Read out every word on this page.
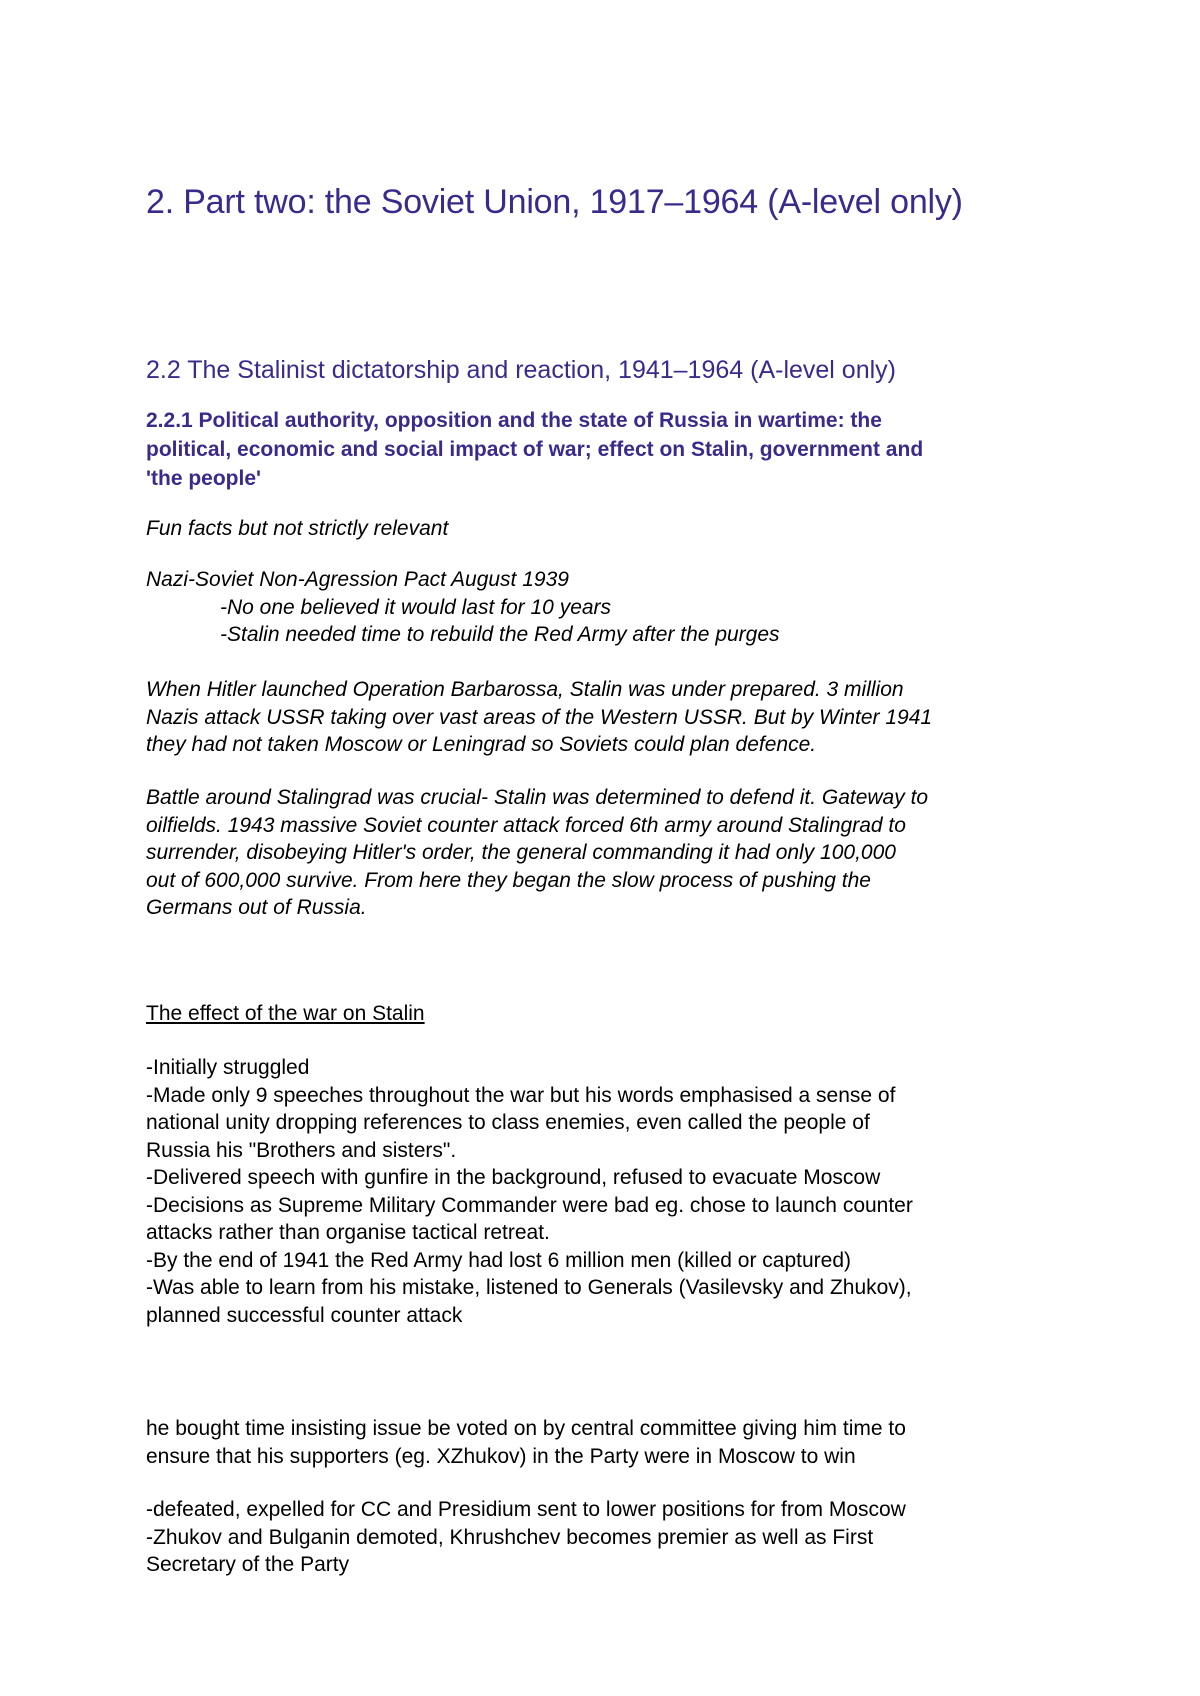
2. Part two: the Soviet Union, 1917–1964 (A-level only)
2.2 The Stalinist dictatorship and reaction, 1941–1964 (A-level only)
2.2.1 Political authority, opposition and the state of Russia in wartime: the
political, economic and social impact of war; effect on Stalin, government and
'the people'
Fun facts but not strictly relevant
Nazi-Soviet Non-Agression Pact August 1939
-No one believed it would last for 10 years
-Stalin needed time to rebuild the Red Army after the purges
When Hitler launched Operation Barbarossa, Stalin was under prepared. 3 million
Nazis attack USSR taking over vast areas of the Western USSR. But by Winter 1941
they had not taken Moscow or Leningrad so Soviets could plan defence.
Battle around Stalingrad was crucial- Stalin was determined to defend it. Gateway to
oilfields. 1943 massive Soviet counter attack forced 6th army around Stalingrad to
surrender, disobeying Hitler's order, the general commanding it had only 100,000
out of 600,000 survive. From here they began the slow process of pushing the
Germans out of Russia.
The effect of the war on Stalin
-Initially struggled
-Made only 9 speeches throughout the war but his words emphasised a sense of
national unity dropping references to class enemies, even called the people of
Russia his "Brothers and sisters".
-Delivered speech with gunfire in the background, refused to evacuate Moscow
-Decisions as Supreme Military Commander were bad eg. chose to launch counter
attacks rather than organise tactical retreat.
-By the end of 1941 the Red Army had lost 6 million men (killed or captured)
-Was able to learn from his mistake, listened to Generals (Vasilevsky and Zhukov),
planned successful counter attack
he bought time insisting issue be voted on by central committee giving him time to
ensure that his supporters (eg. XZhukov) in the Party were in Moscow to win
-defeated, expelled for CC and Presidium sent to lower positions for from Moscow
-Zhukov and Bulganin demoted, Khrushchev becomes premier as well as First
Secretary of the Party
